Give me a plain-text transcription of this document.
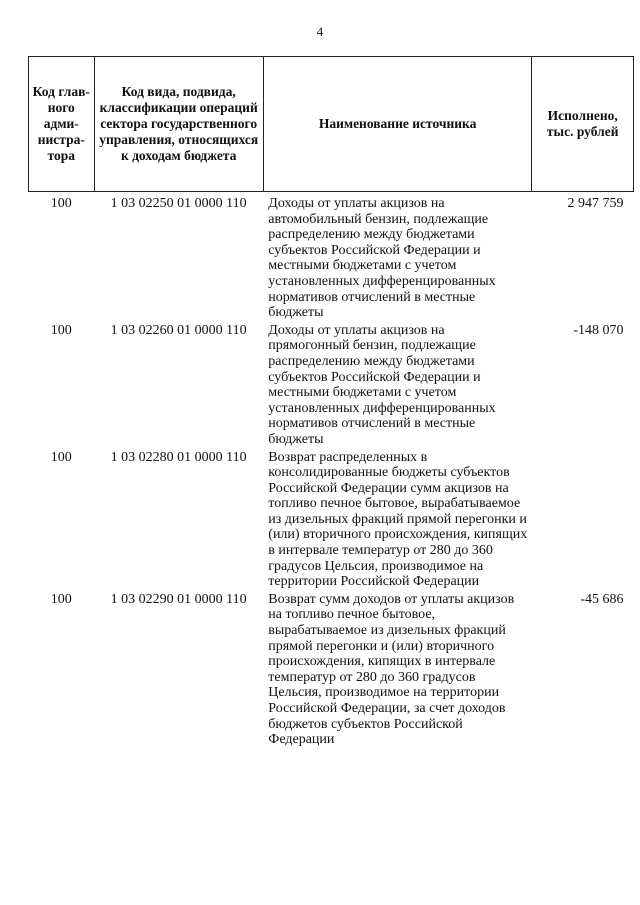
4
Код глав-ного адми-нистра-тора	Код вида, подвида, классификации операций сектора государственного управления, относящихся к доходам бюджета	Наименование источника	Исполнено, тыс. рублей
100	1 03 02250 01 0000 110	Доходы от уплаты акцизов на автомобильный бензин, подлежащие распределению между бюджетами субъектов Российской Федерации и местными бюджетами с учетом установленных дифференцированных нормативов отчислений в местные бюджеты	2 947 759
100	1 03 02260 01 0000 110	Доходы от уплаты акцизов на прямогонный бензин, подлежащие распределению между бюджетами субъектов Российской Федерации и местными бюджетами с учетом установленных дифференцированных нормативов отчислений в местные бюджеты	-148 070
100	1 03 02280 01 0000 110	Возврат распределенных в консолидированные бюджеты субъектов Российской Федерации сумм акцизов на топливо печное бытовое, вырабатываемое из дизельных фракций прямой перегонки и (или) вторичного происхождения, кипящих в интервале температур от 280 до 360 градусов Цельсия, производимое на территории Российской Федерации	
100	1 03 02290 01 0000 110	Возврат сумм доходов от уплаты акцизов на топливо печное бытовое, вырабатываемое из дизельных фракций прямой перегонки и (или) вторичного происхождения, кипящих в интервале температур от 280 до 360 градусов Цельсия, производимое на территории Российской Федерации, за счет доходов бюджетов субъектов Российской Федерации	-45 686
